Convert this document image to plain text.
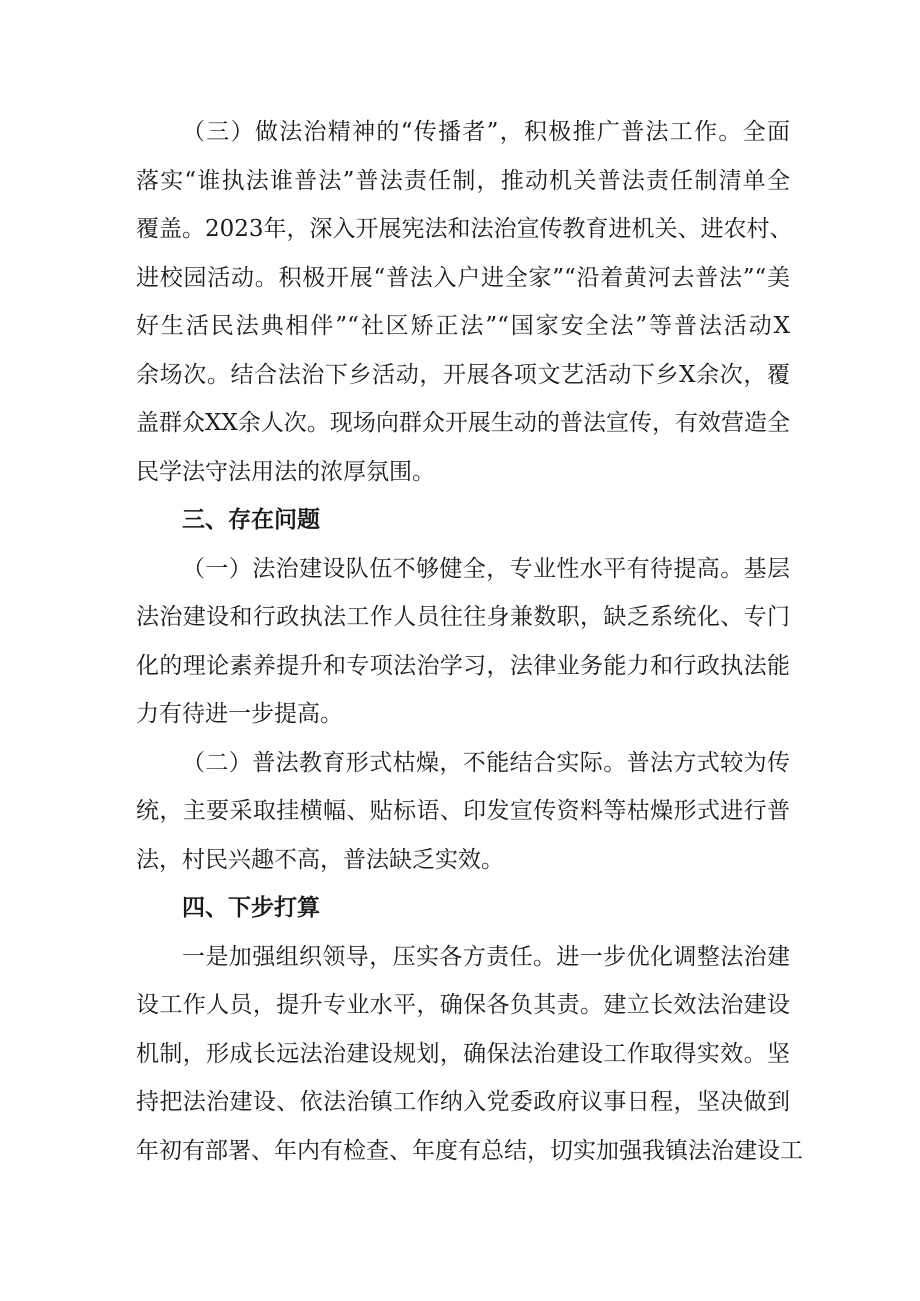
（三）做法治精神的“传播者”，积极推广普法工作。全面
落实“谁执法谁普法”普法责任制，推动机关普法责任制清单全
覆盖。2023年，深入开展宪法和法治宣传教育进机关、进农村、
进校园活动。积极开展“普法入户进全家”“沿着黄河去普法”“美
好生活民法典相伴”“社区矫正法”“国家安全法”等普法活动X
余场次。结合法治下乡活动，开展各项文艺活动下乡X余次，覆
盖群众XX余人次。现场向群众开展生动的普法宣传，有效营造全
民学法守法用法的浓厚氛围。
三、存在问题
（一）法治建设队伍不够健全，专业性水平有待提高。基层
法治建设和行政执法工作人员往往身兼数职，缺乏系统化、专门
化的理论素养提升和专项法治学习，法律业务能力和行政执法能
力有待进一步提高。
（二）普法教育形式枯燥，不能结合实际。普法方式较为传
统，主要采取挂横幅、贴标语、印发宣传资料等枯燥形式进行普
法，村民兴趣不高，普法缺乏实效。
四、下步打算
一是加强组织领导，压实各方责任。进一步优化调整法治建
设工作人员，提升专业水平，确保各负其责。建立长效法治建设
机制，形成长远法治建设规划，确保法治建设工作取得实效。坚
持把法治建设、依法治镇工作纳入党委政府议事日程，坚决做到
年初有部署、年内有检查、年度有总结，切实加强我镇法治建设工
